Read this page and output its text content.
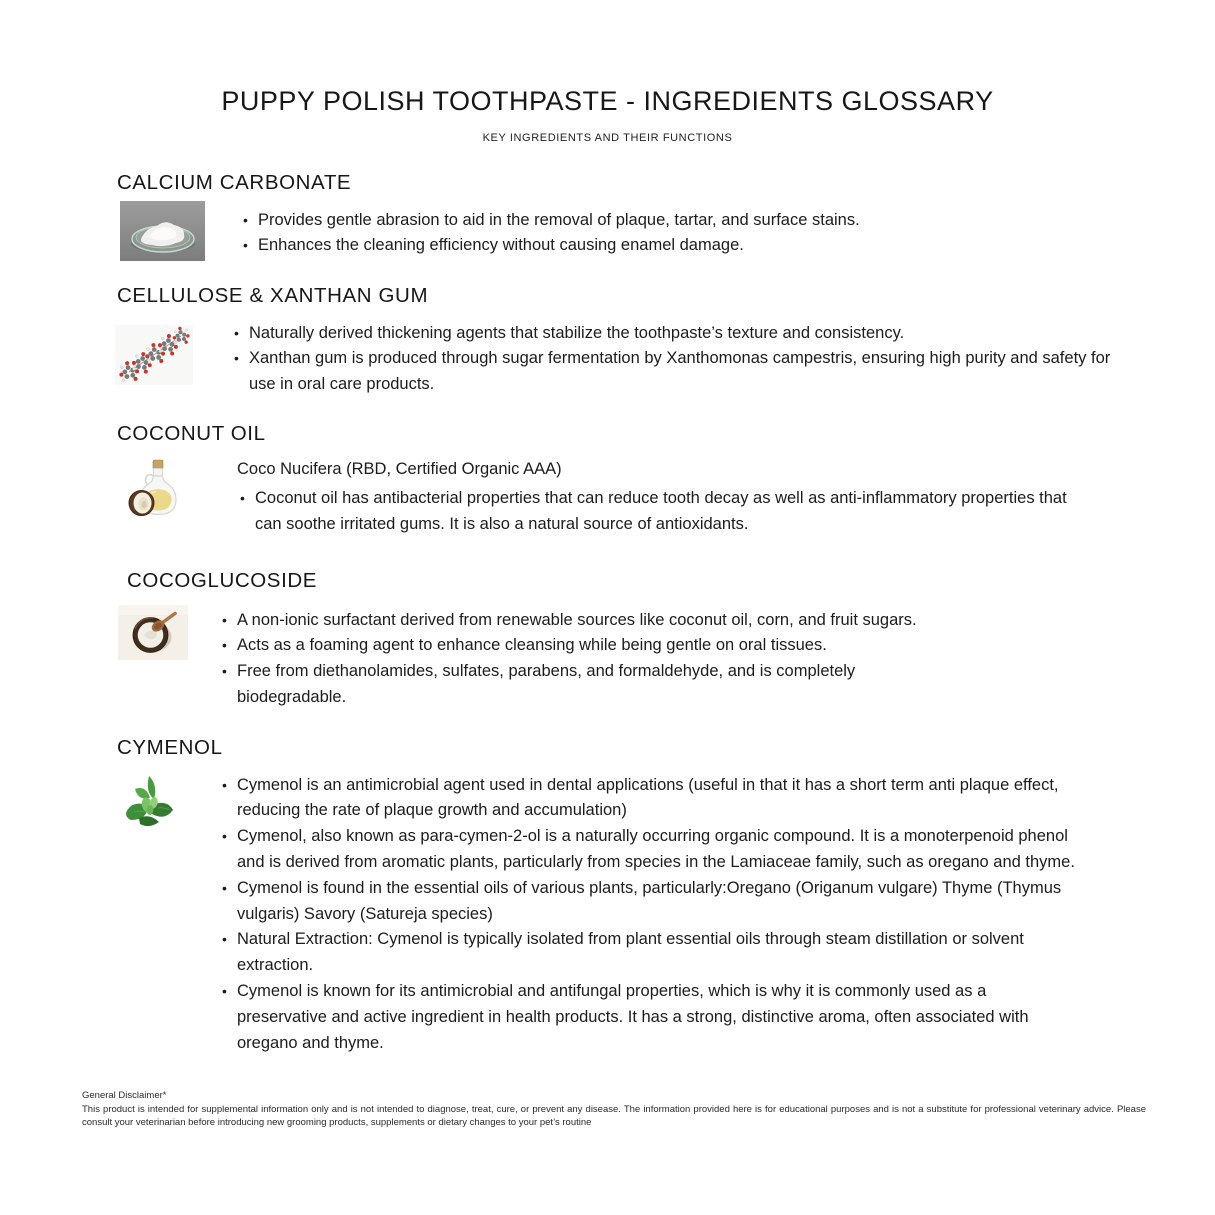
PUPPY POLISH TOOTHPASTE - INGREDIENTS GLOSSARY
KEY INGREDIENTS AND THEIR FUNCTIONS
CALCIUM CARBONATE
• Provides gentle abrasion to aid in the removal of plaque, tartar, and surface stains.
• Enhances the cleaning efficiency without causing enamel damage.
CELLULOSE & XANTHAN GUM
• Naturally derived thickening agents that stabilize the toothpaste’s texture and consistency.
• Xanthan gum is produced through sugar fermentation by Xanthomonas campestris, ensuring high purity and safety for use in oral care products.
COCONUT OIL
Coco Nucifera (RBD, Certified Organic AAA)
• Coconut oil has antibacterial properties that can reduce tooth decay as well as anti-inflammatory properties that can soothe irritated gums. It is also a natural source of antioxidants.
COCOGLUCOSIDE
• A non-ionic surfactant derived from renewable sources like coconut oil, corn, and fruit sugars.
• Acts as a foaming agent to enhance cleansing while being gentle on oral tissues.
• Free from diethanolamides, sulfates, parabens, and formaldehyde, and is completely biodegradable.
CYMENOL
• Cymenol is an antimicrobial agent used in dental applications (useful in that it has a short term anti plaque effect, reducing the rate of plaque growth and accumulation)
• Cymenol, also known as para-cymen-2-ol is a naturally occurring organic compound. It is a monoterpenoid phenol and is derived from aromatic plants, particularly from species in the Lamiaceae family, such as oregano and thyme.
• Cymenol is found in the essential oils of various plants, particularly:Oregano (Origanum vulgare) Thyme (Thymus vulgaris) Savory (Satureja species)
• Natural Extraction: Cymenol is typically isolated from plant essential oils through steam distillation or solvent extraction.
• Cymenol is known for its antimicrobial and antifungal properties, which is why it is commonly used as a preservative and active ingredient in health products. It has a strong, distinctive aroma, often associated with oregano and thyme.
General Disclaimer*
This product is intended for supplemental information only and is not intended to diagnose, treat, cure, or prevent any disease. The information provided here is for educational purposes and is not a substitute for professional veterinary advice. Please consult your veterinarian before introducing new grooming products, supplements or dietary changes to your pet’s routine
